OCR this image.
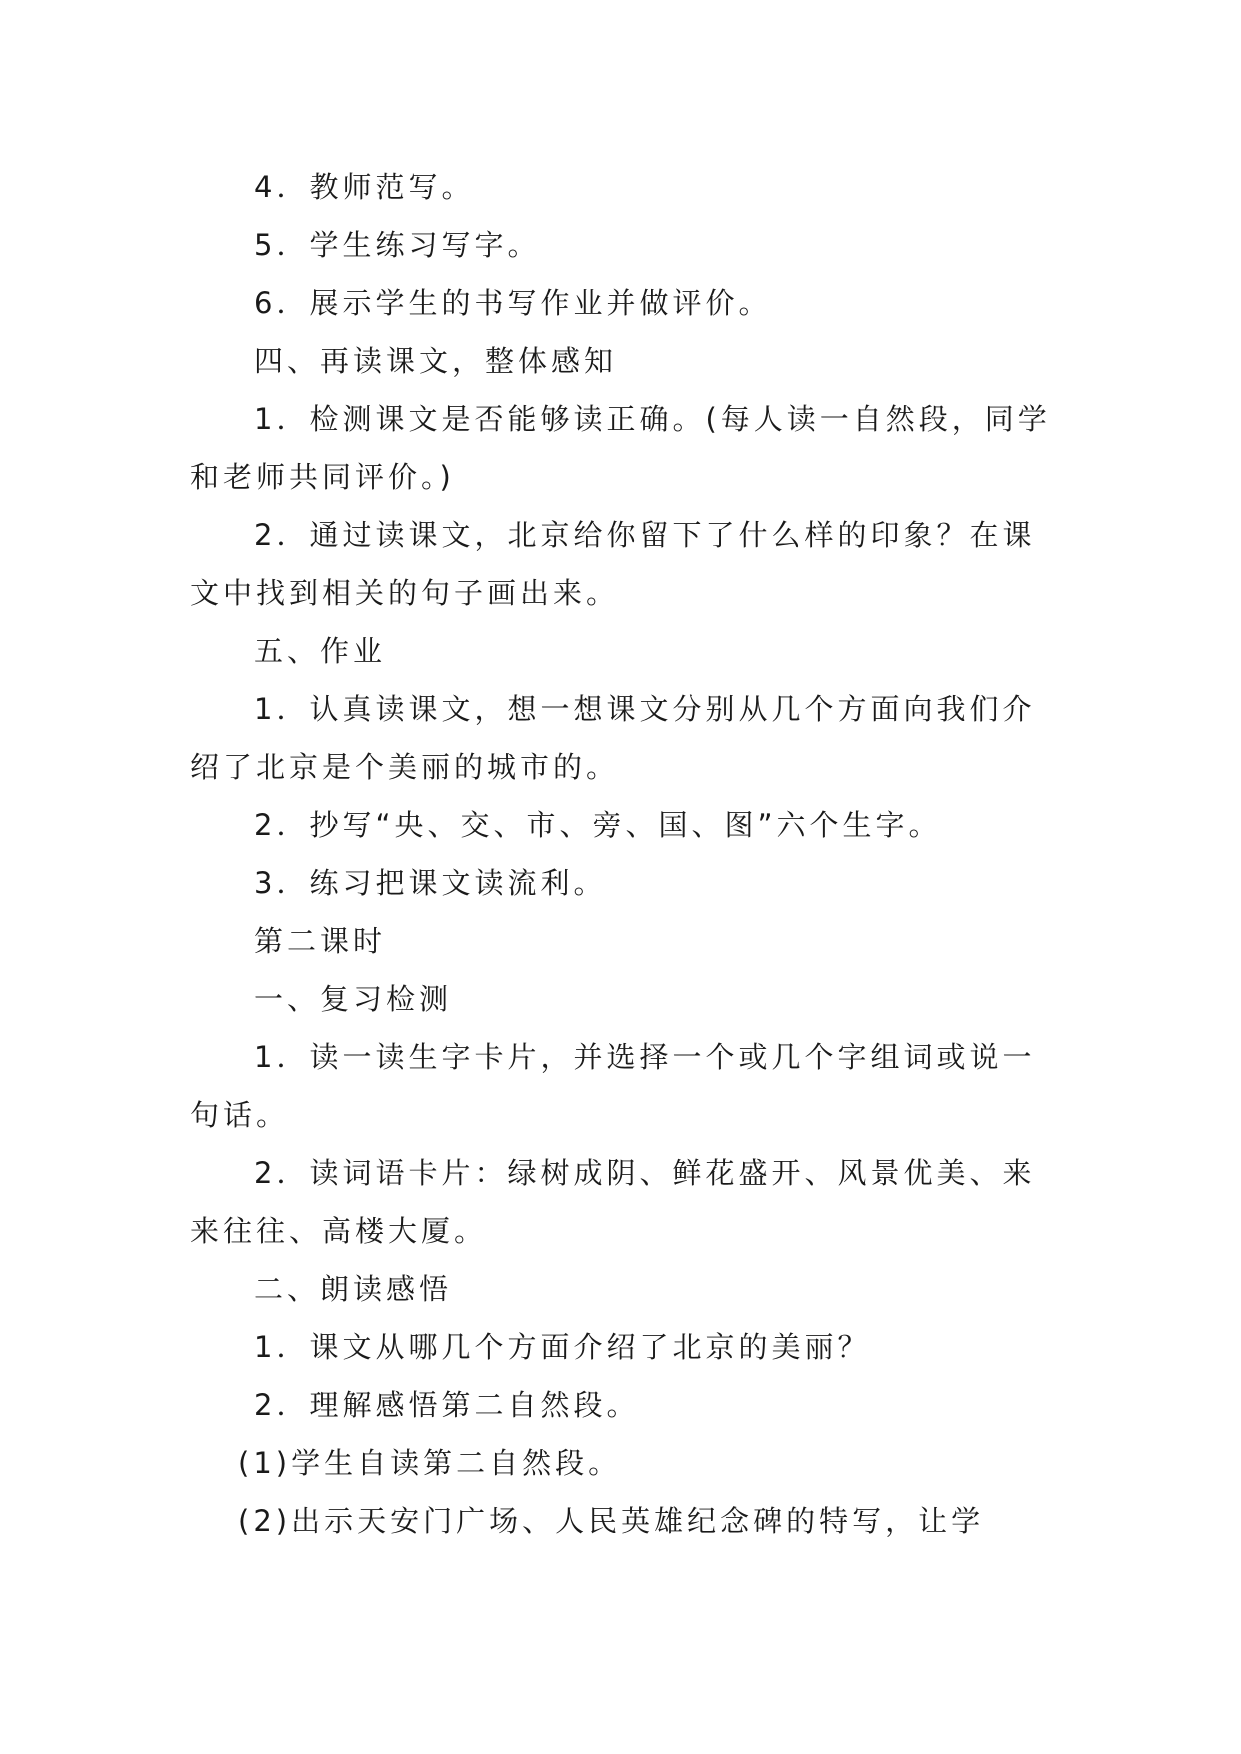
4．教师范写。
5．学生练习写字。
6．展示学生的书写作业并做评价。
四、再读课文，整体感知
1．检测课文是否能够读正确。(每人读一自然段，同学
和老师共同评价。)
2．通过读课文，北京给你留下了什么样的印象？在课
文中找到相关的句子画出来。
五、作业
1．认真读课文，想一想课文分别从几个方面向我们介
绍了北京是个美丽的城市的。
2．抄写“央、交、市、旁、国、图”六个生字。
3．练习把课文读流利。
第二课时
一、复习检测
1．读一读生字卡片，并选择一个或几个字组词或说一
句话。
2．读词语卡片：绿树成阴、鲜花盛开、风景优美、来
来往往、高楼大厦。
二、朗读感悟
1．课文从哪几个方面介绍了北京的美丽？
2．理解感悟第二自然段。
(1)学生自读第二自然段。
(2)出示天安门广场、人民英雄纪念碑的特写，让学
